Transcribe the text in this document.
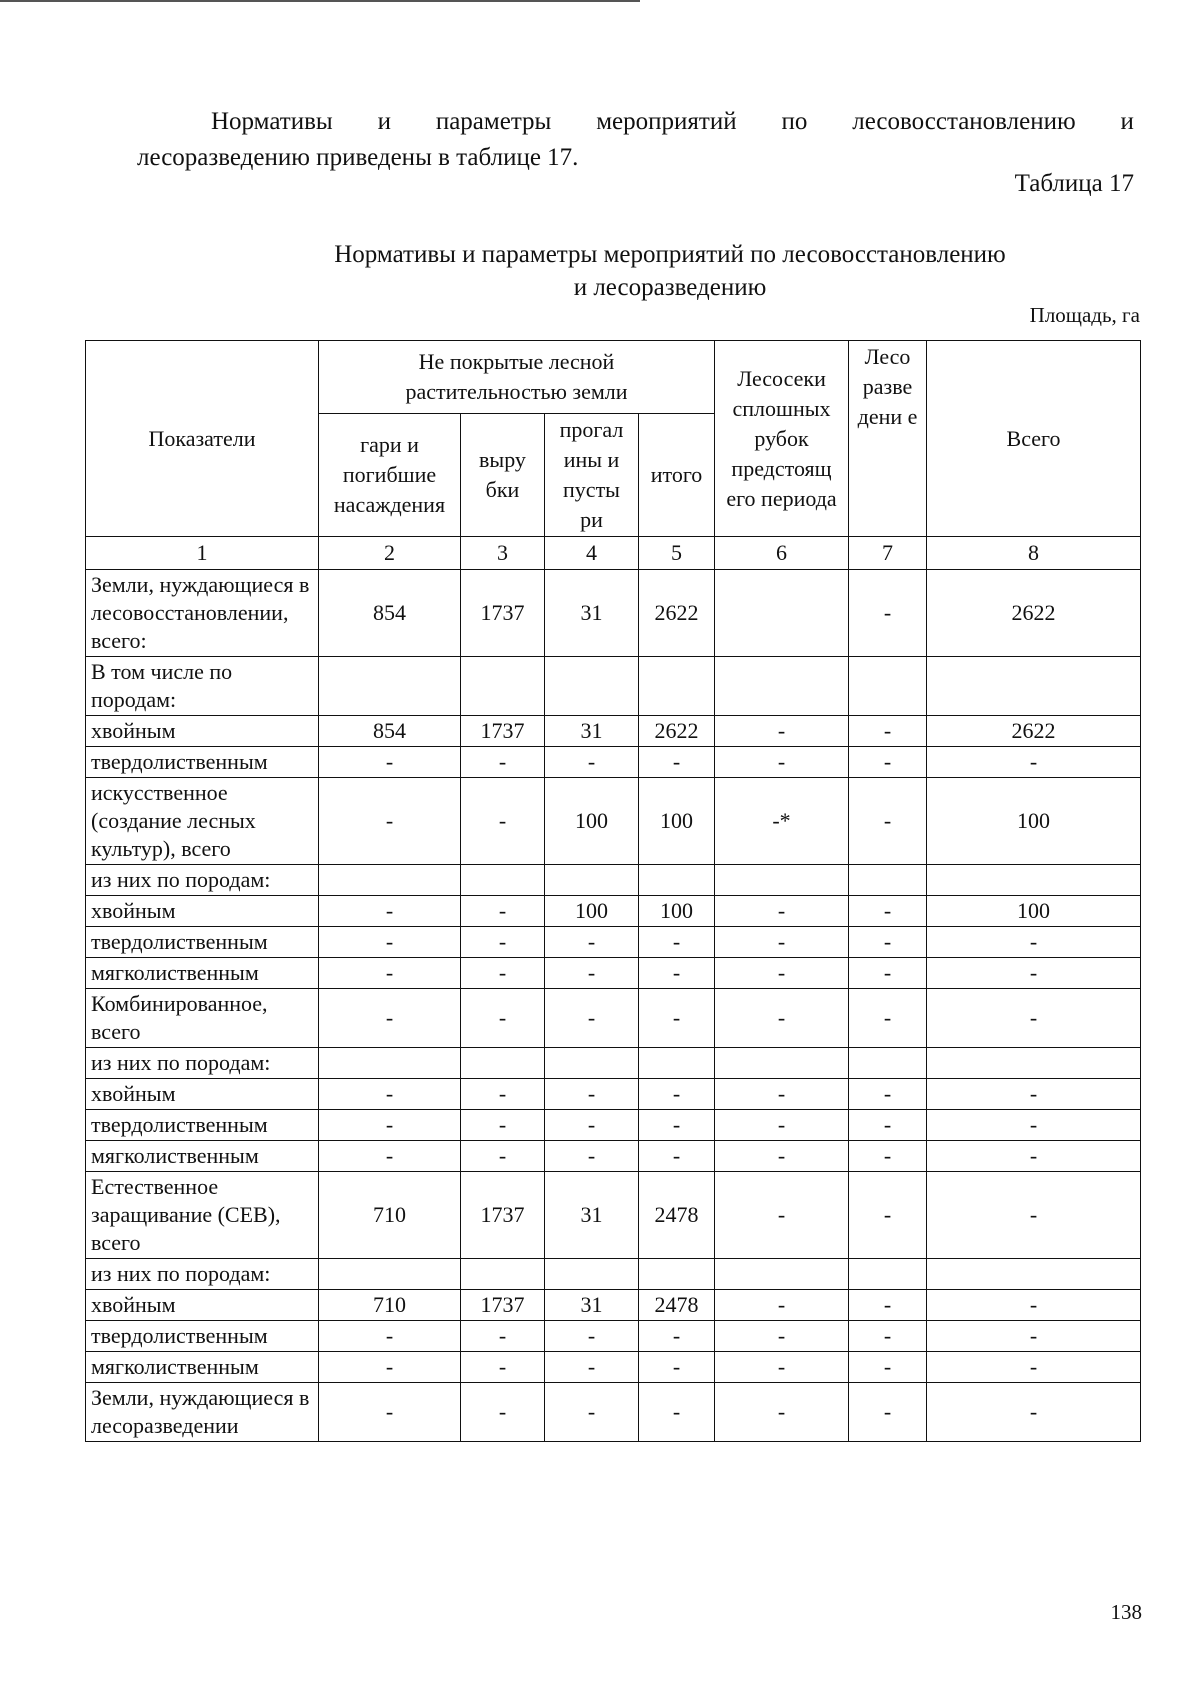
Нормативы и параметры мероприятий по лесовосстановлению и
лесоразведению приведены в таблице 17.
Таблица 17
Нормативы и параметры мероприятий по лесовосстановлению
и лесоразведению
Площадь, га
Показатели	Не покрытые лесной растительностью земли				Лесосеки сплошных рубок предстоящ его периода	Лесо разве дени е	Всего
	гари и погибшие насаждения	выру бки	прогал ины и пусты ри	итого			
1	2	3	4	5	6	7	8
Земли, нуждающиеся в лесовосстановлении, всего:	854	1737	31	2622		-	2622
В том числе по породам:							
хвойным	854	1737	31	2622	-	-	2622
твердолиственным	-	-	-	-	-	-	-
искусственное (создание лесных культур), всего	-	-	100	100	-*	-	100
из них по породам:							
хвойным	-	-	100	100	-	-	100
твердолиственным	-	-	-	-	-	-	-
мягколиственным	-	-	-	-	-	-	-
Комбинированное, всего	-	-	-	-	-	-	-
из них по породам:							
хвойным	-	-	-	-	-	-	-
твердолиственным	-	-	-	-	-	-	-
мягколиственным	-	-	-	-	-	-	-
Естественное заращивание (СЕВ), всего	710	1737	31	2478	-	-	-
из них по породам:							
хвойным	710	1737	31	2478	-	-	-
твердолиственным	-	-	-	-	-	-	-
мягколиственным	-	-	-	-	-	-	-
Земли, нуждающиеся в лесоразведении	-	-	-	-	-	-	-
138
